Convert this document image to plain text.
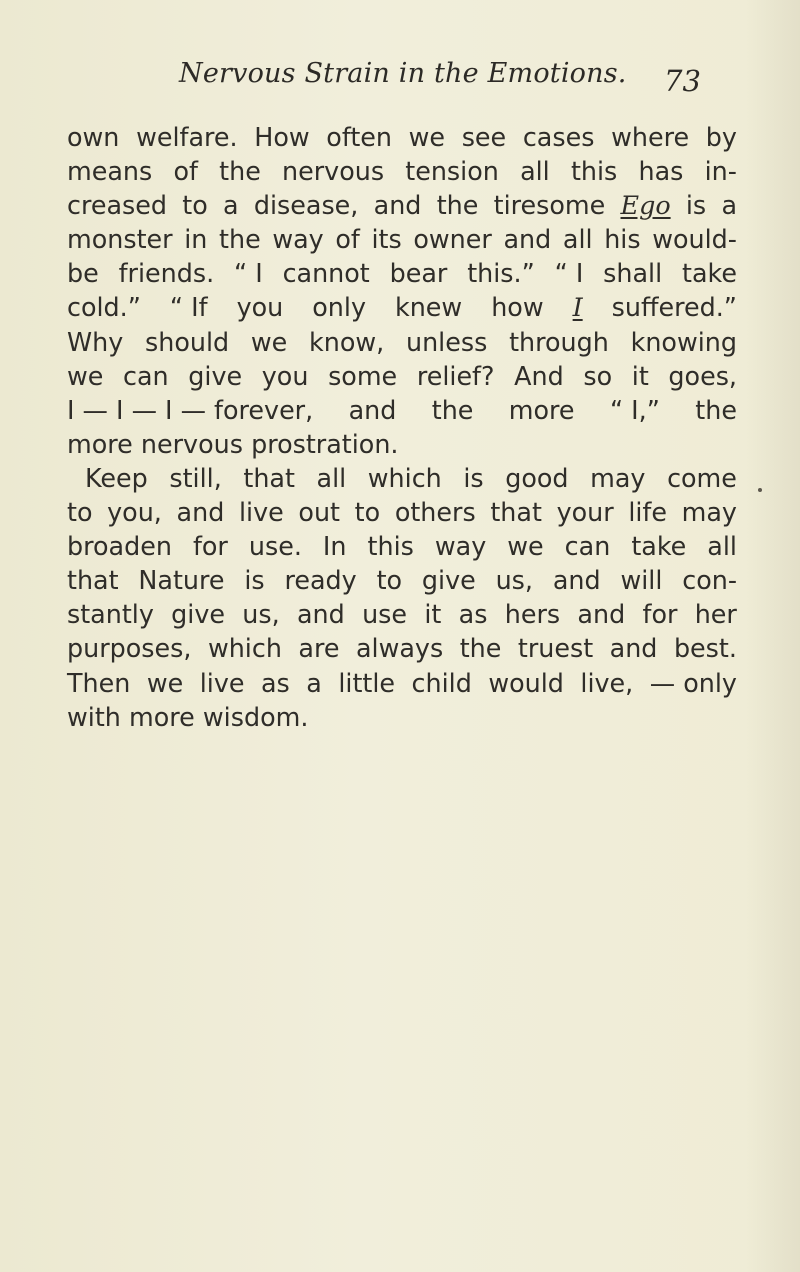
Nervous Strain in the Emotions. 73
own welfare. How often we see cases where by
means of the nervous tension all this has in-
creased to a disease, and the tiresome Ego is a
monster in the way of its owner and all his would-
be friends. “ I cannot bear this.” “ I shall take
cold.” “ If you only knew how I suffered.”
Why should we know, unless through knowing
we can give you some relief? And so it goes,
I — I — I — forever, and the more “ I,” the
more nervous prostration.
Keep still, that all which is good may come
to you, and live out to others that your life may
broaden for use. In this way we can take all
that Nature is ready to give us, and will con-
stantly give us, and use it as hers and for her
purposes, which are always the truest and best.
Then we live as a little child would live, — only
with more wisdom.
